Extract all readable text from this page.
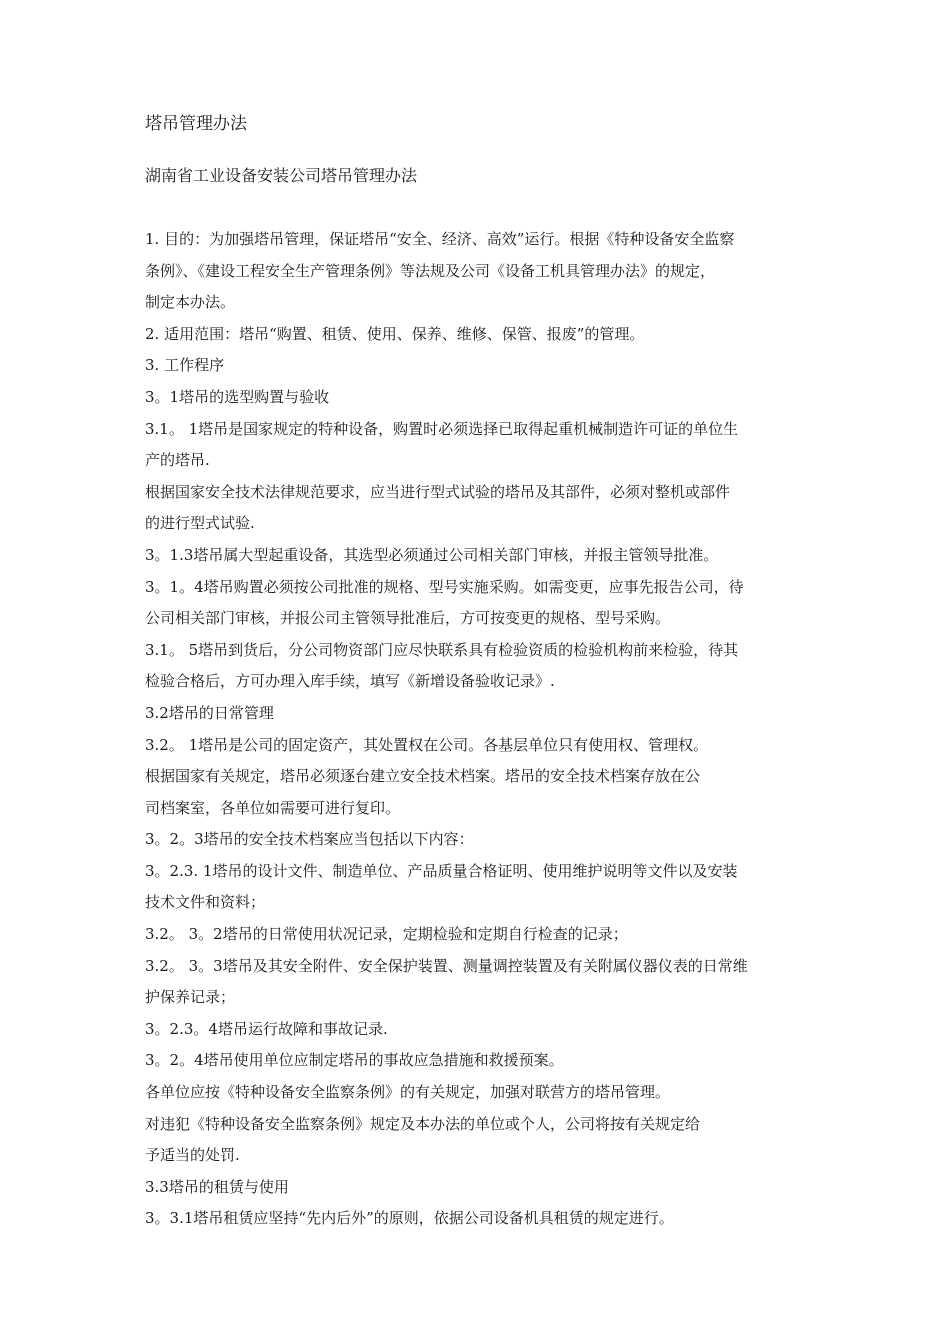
塔吊管理办法
湖南省工业设备安装公司塔吊管理办法
1. 目的：为加强塔吊管理，保证塔吊“安全、经济、高效”运行。根据《特种设备安全监察
条例》、《建设工程安全生产管理条例》等法规及公司《设备工机具管理办法》的规定，
制定本办法。
2. 适用范围：塔吊“购置、租赁、使用、保养、维修、保管、报废”的管理。
3. 工作程序
3。1塔吊的选型购置与验收
3.1。 1塔吊是国家规定的特种设备，购置时必须选择已取得起重机械制造许可证的单位生
产的塔吊.
根据国家安全技术法律规范要求，应当进行型式试验的塔吊及其部件，必须对整机或部件
的进行型式试验.
3。1.3塔吊属大型起重设备，其选型必须通过公司相关部门审核，并报主管领导批准。
3。1。4塔吊购置必须按公司批准的规格、型号实施采购。如需变更，应事先报告公司，待
公司相关部门审核，并报公司主管领导批准后，方可按变更的规格、型号采购。
3.1。 5塔吊到货后，分公司物资部门应尽快联系具有检验资质的检验机构前来检验，待其
检验合格后，方可办理入库手续，填写《新增设备验收记录》.
3.2塔吊的日常管理
3.2。 1塔吊是公司的固定资产，其处置权在公司。各基层单位只有使用权、管理权。
根据国家有关规定，塔吊必须逐台建立安全技术档案。塔吊的安全技术档案存放在公
司档案室，各单位如需要可进行复印。
3。2。3塔吊的安全技术档案应当包括以下内容：
3。2.3. 1塔吊的设计文件、制造单位、产品质量合格证明、使用维护说明等文件以及安装
技术文件和资料；
3.2。 3。2塔吊的日常使用状况记录，定期检验和定期自行检查的记录；
3.2。 3。3塔吊及其安全附件、安全保护装置、测量调控装置及有关附属仪器仪表的日常维
护保养记录；
3。2.3。4塔吊运行故障和事故记录.
3。2。4塔吊使用单位应制定塔吊的事故应急措施和救援预案。
各单位应按《特种设备安全监察条例》的有关规定，加强对联营方的塔吊管理。
对违犯《特种设备安全监察条例》规定及本办法的单位或个人，公司将按有关规定给
予适当的处罚.
3.3塔吊的租赁与使用
3。3.1塔吊租赁应坚持“先内后外”的原则，依据公司设备机具租赁的规定进行。
